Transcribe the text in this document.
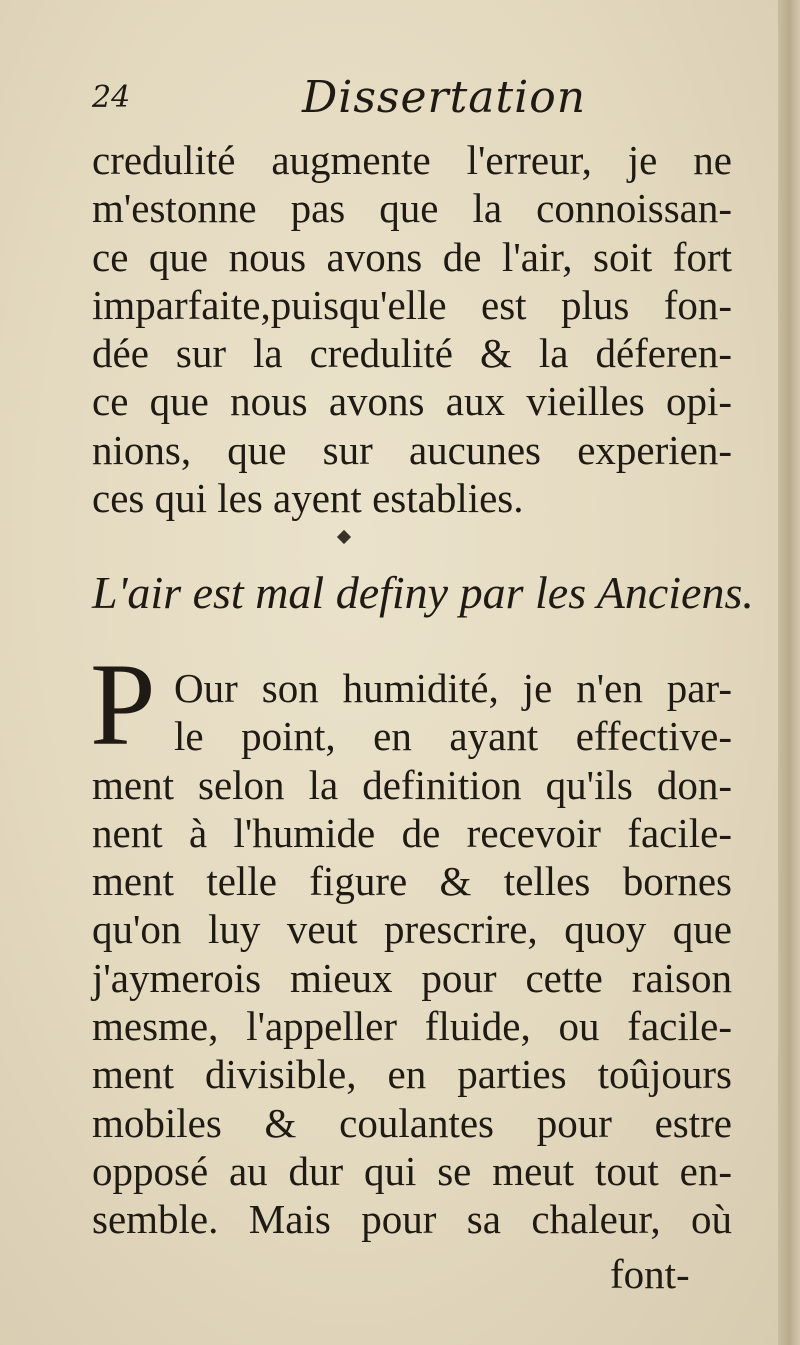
24	Dissertation
credulité augmente l'erreur, je ne
m'estonne pas que la connoissan-
ce que nous avons de l'air, soit fort
imparfaite,puisqu'elle est plus fon-
dée sur la credulité & la déferen-
ce que nous avons aux vieilles opi-
nions, que sur aucunes experien-
ces qui les ayent establies.
L'air est mal definy par les Anciens.
P Our son humidité, je n'en par-
le point, en ayant effective-
ment selon la definition qu'ils don-
nent à l'humide de recevoir facile-
ment telle figure & telles bornes
qu'on luy veut prescrire, quoy que
j'aymerois mieux pour cette raison
mesme, l'appeller fluide, ou facile-
ment divisible, en parties toûjours
mobiles & coulantes pour estre
opposé au dur qui se meut tout en-
semble. Mais pour sa chaleur, où
font-
